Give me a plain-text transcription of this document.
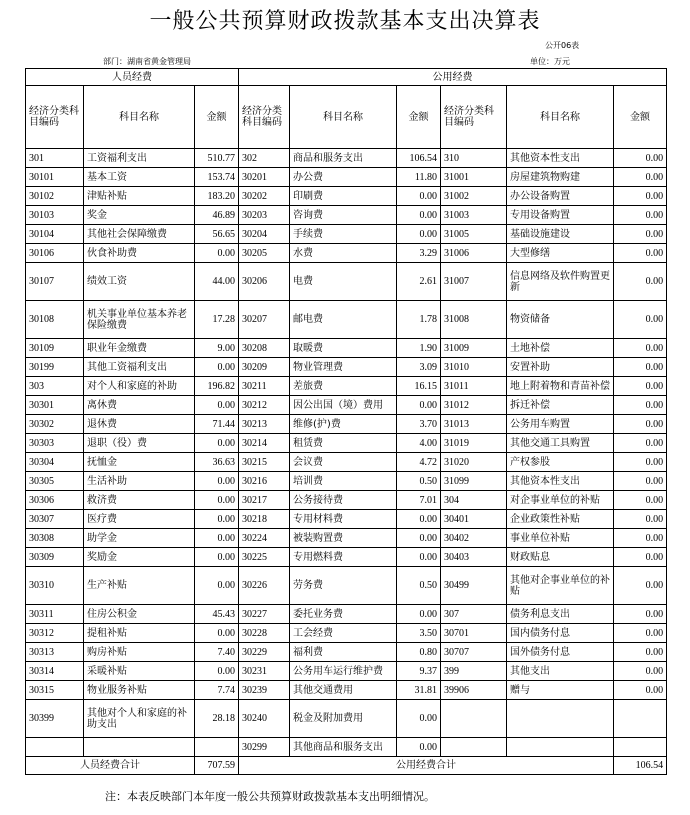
一般公共预算财政拨款基本支出决算表
公开06表
部门：湖南省黄金管理局	单位：万元
人员经费			公用经费					
经济分类科目编码	科目名称	金额	经济分类科目编码	科目名称	金额	经济分类科目编码	科目名称	金额
301	工资福利支出	510.77	302	商品和服务支出	106.54	310	其他资本性支出	0.00
30101	基本工资	153.74	30201	办公费	11.80	31001	房屋建筑物购建	0.00
30102	津贴补贴	183.20	30202	印刷费	0.00	31002	办公设备购置	0.00
30103	奖金	46.89	30203	咨询费	0.00	31003	专用设备购置	0.00
30104	其他社会保障缴费	56.65	30204	手续费	0.00	31005	基础设施建设	0.00
30106	伙食补助费	0.00	30205	水费	3.29	31006	大型修缮	0.00
30107	绩效工资	44.00	30206	电费	2.61	31007	信息网络及软件购置更新	0.00
30108	机关事业单位基本养老保险缴费	17.28	30207	邮电费	1.78	31008	物资储备	0.00
30109	职业年金缴费	9.00	30208	取暖费	1.90	31009	土地补偿	0.00
30199	其他工资福利支出	0.00	30209	物业管理费	3.09	31010	安置补助	0.00
303	对个人和家庭的补助	196.82	30211	差旅费	16.15	31011	地上附着物和青苗补偿	0.00
30301	离休费	0.00	30212	因公出国（境）费用	0.00	31012	拆迁补偿	0.00
30302	退休费	71.44	30213	维修(护)费	3.70	31013	公务用车购置	0.00
30303	退职（役）费	0.00	30214	租赁费	4.00	31019	其他交通工具购置	0.00
30304	抚恤金	36.63	30215	会议费	4.72	31020	产权参股	0.00
30305	生活补助	0.00	30216	培训费	0.50	31099	其他资本性支出	0.00
30306	救济费	0.00	30217	公务接待费	7.01	304	对企事业单位的补贴	0.00
30307	医疗费	0.00	30218	专用材料费	0.00	30401	企业政策性补贴	0.00
30308	助学金	0.00	30224	被装购置费	0.00	30402	事业单位补贴	0.00
30309	奖励金	0.00	30225	专用燃料费	0.00	30403	财政贴息	0.00
30310	生产补贴	0.00	30226	劳务费	0.50	30499	其他对企事业单位的补贴	0.00
30311	住房公积金	45.43	30227	委托业务费	0.00	307	债务利息支出	0.00
30312	提租补贴	0.00	30228	工会经费	3.50	30701	国内债务付息	0.00
30313	购房补贴	7.40	30229	福利费	0.80	30707	国外债务付息	0.00
30314	采暖补贴	0.00	30231	公务用车运行维护费	9.37	399	其他支出	0.00
30315	物业服务补贴	7.74	30239	其他交通费用	31.81	39906	赠与	0.00
30399	其他对个人和家庭的补助支出	28.18	30240	税金及附加费用	0.00			
			30299	其他商品和服务支出	0.00			
人员经费合计		707.59	公用经费合计					106.54
注：本表反映部门本年度一般公共预算财政拨款基本支出明细情况。
